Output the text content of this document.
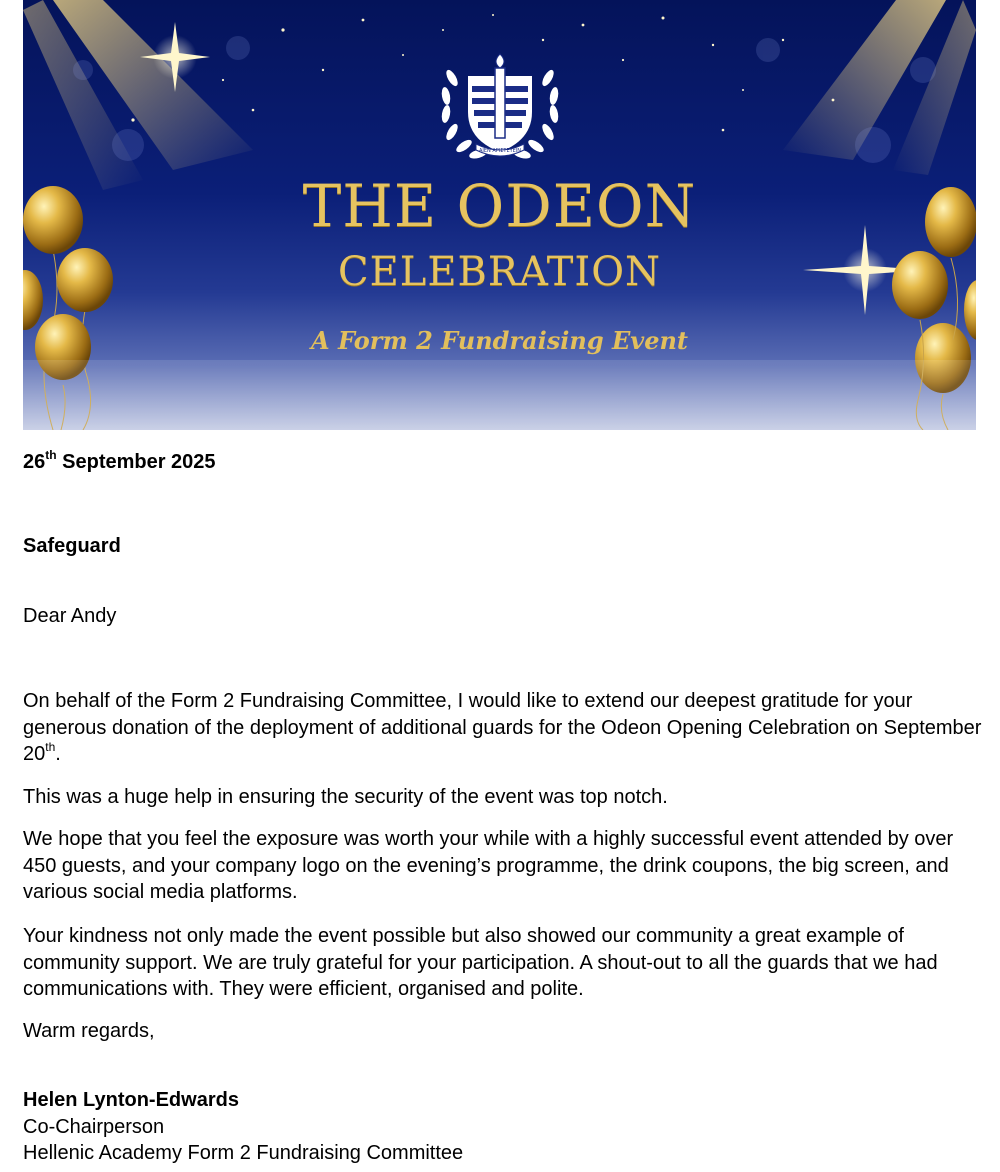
ΑΙΕΝ ΑΡΙΣΤΕΥΕΙΝ
THE ODEON
CELEBRATION
A Form 2 Fundraising Event
26th September 2025
Safeguard
Dear Andy
On behalf of the Form 2 Fundraising Committee, I would like to extend our deepest gratitude for your generous donation of the deployment of additional guards for the Odeon Opening Celebration on September 20th.
This was a huge help in ensuring the security of the event was top notch.
We hope that you feel the exposure was worth your while with a highly successful event attended by over 450 guests, and your company logo on the evening’s programme, the drink coupons, the big screen, and various social media platforms.
Your kindness not only made the event possible but also showed our community a great example of community support. We are truly grateful for your participation. A shout-out to all the guards that we had communications with. They were efficient, organised and polite.
Warm regards,
Helen Lynton-Edwards
Co-Chairperson
Hellenic Academy Form 2 Fundraising Committee
